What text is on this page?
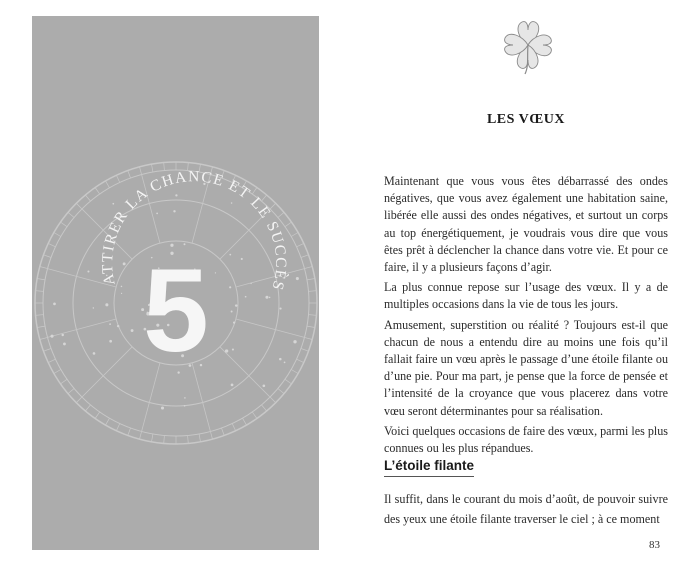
ATTIRER LA CHANCE ET LE SUCCÈS
5
LES VŒUX

Maintenant que vous vous êtes débarrassé des ondes négatives, que vous avez également une habitation saine, libérée elle aussi des ondes négatives, et surtout un corps au top énergétiquement, je voudrais vous dire que vous êtes prêt à déclencher la chance dans votre vie. Et pour ce faire, il y a plusieurs façons d’agir.

La plus connue repose sur l’usage des vœux. Il y a de multiples occasions dans la vie de tous les jours.

Amusement, superstition ou réalité ? Toujours est-il que chacun de nous a entendu dire au moins une fois qu’il fallait faire un vœu après le passage d’une étoile filante ou d’une pie. Pour ma part, je pense que la force de pensée et l’intensité de la croyance que vous placerez dans votre vœu seront déterminantes pour sa réalisation.

Voici quelques occasions de faire des vœux, parmi les plus connues ou les plus répandues.

L’étoile filante

Il suffit, dans le courant du mois d’août, de pouvoir suivre des yeux une étoile filante traverser le ciel ; à ce moment

83
